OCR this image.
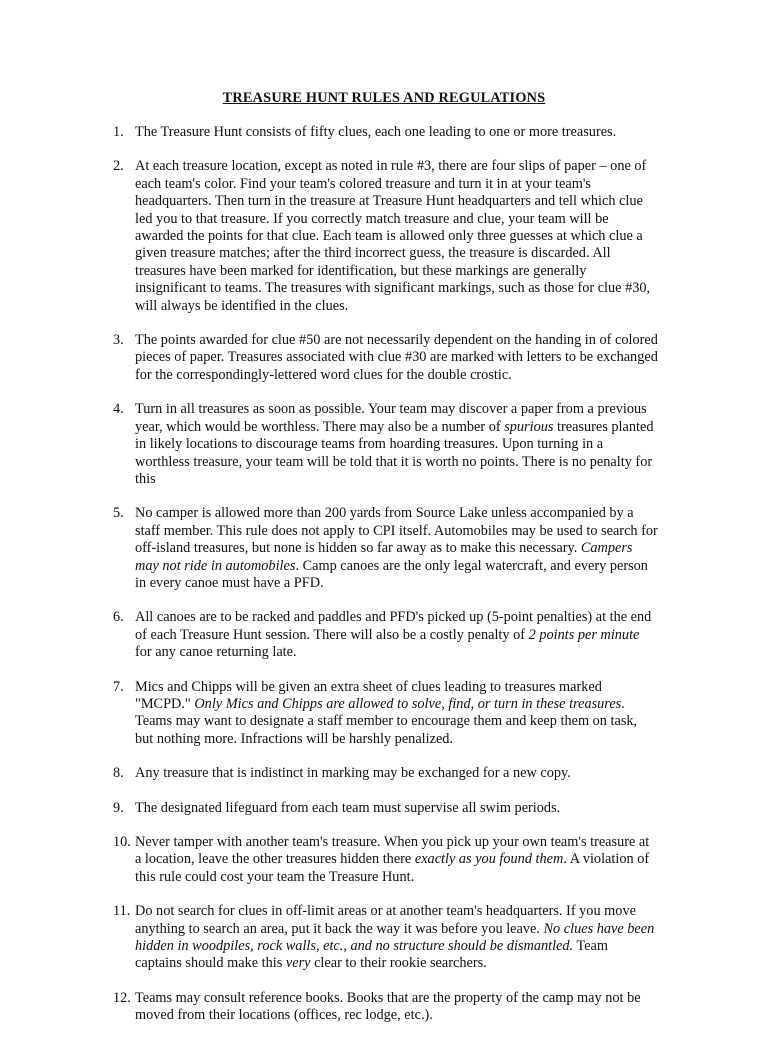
TREASURE HUNT RULES AND REGULATIONS
1. The Treasure Hunt consists of fifty clues, each one leading to one or more treasures.
2. At each treasure location, except as noted in rule #3, there are four slips of paper – one of each team's color. Find your team's colored treasure and turn it in at your team's headquarters. Then turn in the treasure at Treasure Hunt headquarters and tell which clue led you to that treasure. If you correctly match treasure and clue, your team will be awarded the points for that clue. Each team is allowed only three guesses at which clue a given treasure matches; after the third incorrect guess, the treasure is discarded. All treasures have been marked for identification, but these markings are generally insignificant to teams. The treasures with significant markings, such as those for clue #30, will always be identified in the clues.
3. The points awarded for clue #50 are not necessarily dependent on the handing in of colored pieces of paper. Treasures associated with clue #30 are marked with letters to be exchanged for the correspondingly-lettered word clues for the double crostic.
4. Turn in all treasures as soon as possible. Your team may discover a paper from a previous year, which would be worthless. There may also be a number of spurious treasures planted in likely locations to discourage teams from hoarding treasures. Upon turning in a worthless treasure, your team will be told that it is worth no points. There is no penalty for this
5. No camper is allowed more than 200 yards from Source Lake unless accompanied by a staff member. This rule does not apply to CPI itself. Automobiles may be used to search for off-island treasures, but none is hidden so far away as to make this necessary. Campers may not ride in automobiles. Camp canoes are the only legal watercraft, and every person in every canoe must have a PFD.
6. All canoes are to be racked and paddles and PFD's picked up (5-point penalties) at the end of each Treasure Hunt session. There will also be a costly penalty of 2 points per minute for any canoe returning late.
7. Mics and Chipps will be given an extra sheet of clues leading to treasures marked "MCPD." Only Mics and Chipps are allowed to solve, find, or turn in these treasures. Teams may want to designate a staff member to encourage them and keep them on task, but nothing more. Infractions will be harshly penalized.
8. Any treasure that is indistinct in marking may be exchanged for a new copy.
9. The designated lifeguard from each team must supervise all swim periods.
10. Never tamper with another team's treasure. When you pick up your own team's treasure at a location, leave the other treasures hidden there exactly as you found them. A violation of this rule could cost your team the Treasure Hunt.
11. Do not search for clues in off-limit areas or at another team's headquarters. If you move anything to search an area, put it back the way it was before you leave. No clues have been hidden in woodpiles, rock walls, etc., and no structure should be dismantled. Team captains should make this very clear to their rookie searchers.
12. Teams may consult reference books. Books that are the property of the camp may not be moved from their locations (offices, rec lodge, etc.).
